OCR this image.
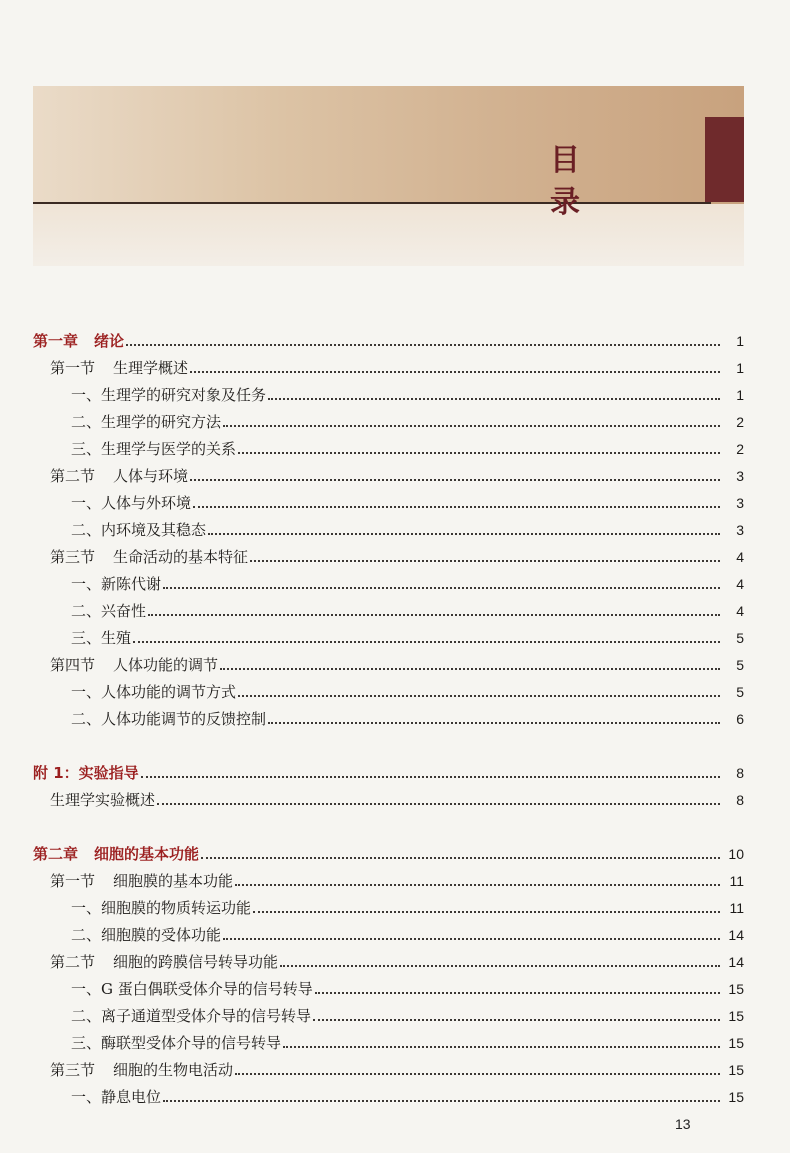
目　录
第一章 绪论	1
第一节 生理学概述	1
一、生理学的研究对象及任务	1
二、生理学的研究方法	2
三、生理学与医学的关系	2
第二节 人体与环境	3
一、人体与外环境	3
二、内环境及其稳态	3
第三节 生命活动的基本特征	4
一、新陈代谢	4
二、兴奋性	4
三、生殖	5
第四节 人体功能的调节	5
一、人体功能的调节方式	5
二、人体功能调节的反馈控制	6
附 1：实验指导	8
生理学实验概述	8
第二章 细胞的基本功能	10
第一节 细胞膜的基本功能	11
一、细胞膜的物质转运功能	11
二、细胞膜的受体功能	14
第二节 细胞的跨膜信号转导功能	14
一、G 蛋白偶联受体介导的信号转导	15
二、离子通道型受体介导的信号转导	15
三、酶联型受体介导的信号转导	15
第三节 细胞的生物电活动	15
一、静息电位	15
13
